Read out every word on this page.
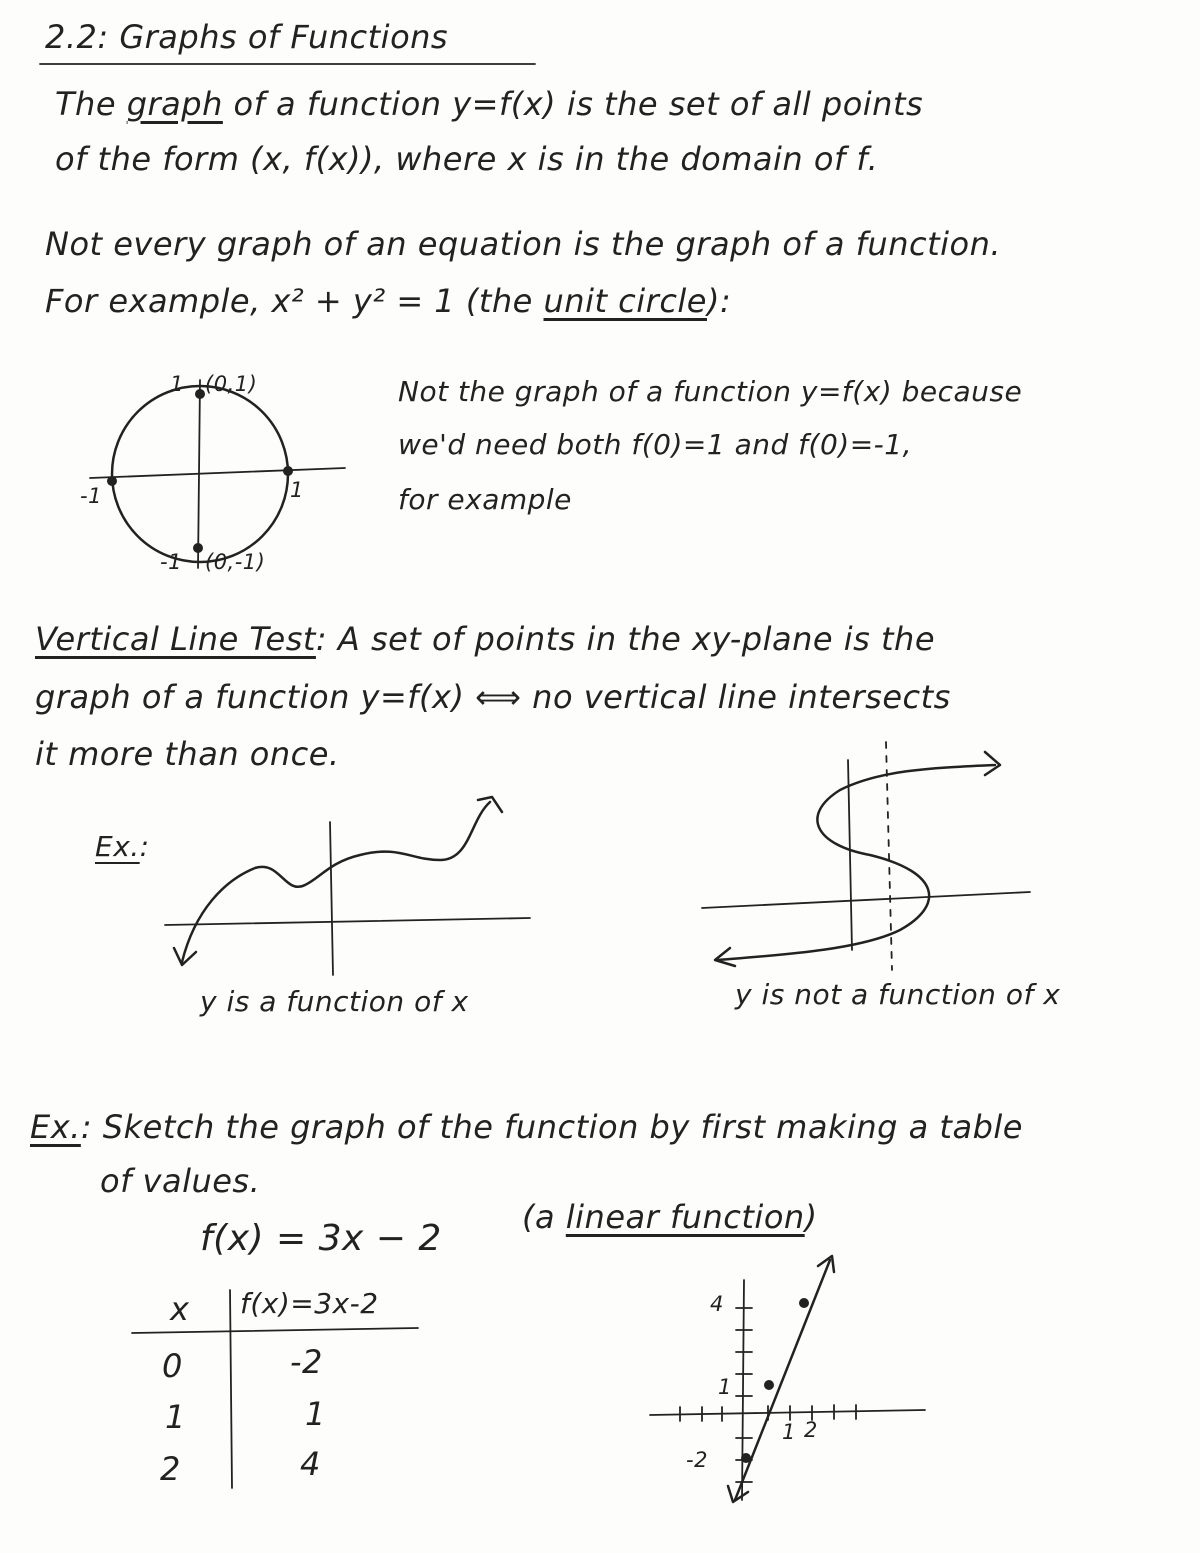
2.2: Graphs of Functions
The graph of a function y=f(x) is the set of all points
of the form (x, f(x)), where x is in the domain of f.
Not every graph of an equation is the graph of a function.
For example, x² + y² = 1 (the unit circle):
1 (0,1)
-1 (0,-1)
-1	1
Not the graph of a function y=f(x) because
we'd need both f(0)=1 and f(0)=-1,
for example
Vertical Line Test: A set of points in the xy-plane is the
graph of a function y=f(x) ⟺ no vertical line intersects
it more than once.
Ex.:
y is a function of x	y is not a function of x
Ex.: Sketch the graph of the function by first making a table
of values.
f(x) = 3x − 2
(a linear function)
x f(x)=3x-2
0	-2
1	1
2	4
4
1
-2
1 2
